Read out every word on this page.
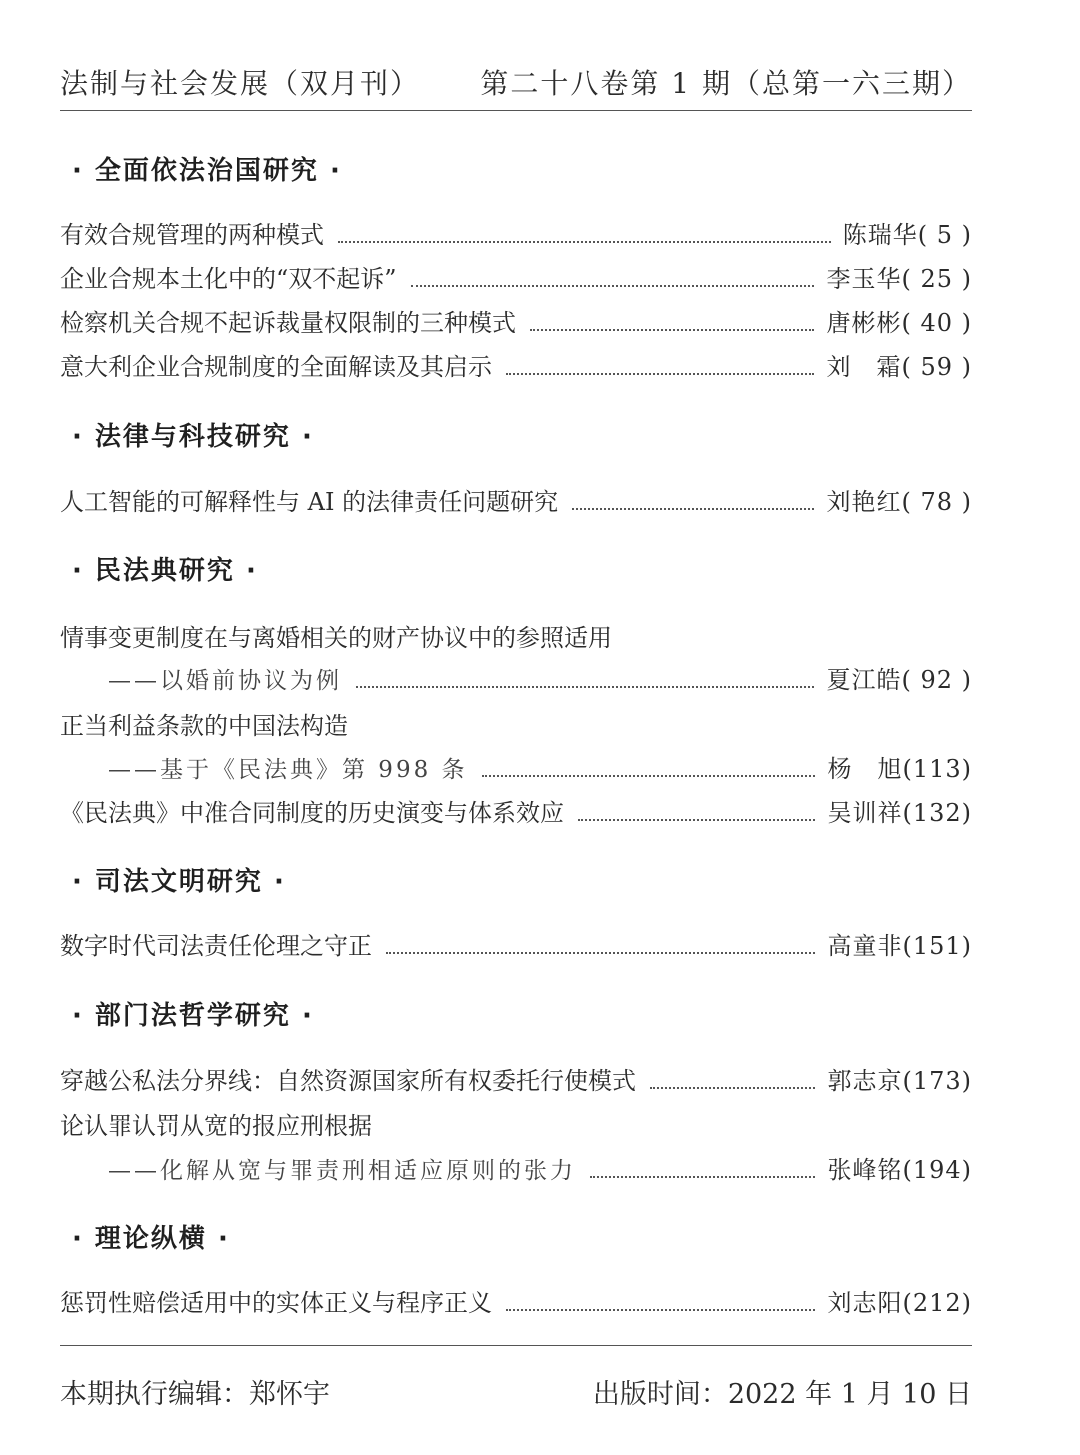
法制与社会发展（双月刊） 第二十八卷第 1 期（总第一六三期）
· 全面依法治国研究 ·
有效合规管理的两种模式	陈瑞华 ( 5 )
企业合规本土化中的“双不起诉”	李玉华 ( 25 )
检察机关合规不起诉裁量权限制的三种模式	唐彬彬 ( 40 )
意大利企业合规制度的全面解读及其启示	刘　霜 ( 59 )
· 法律与科技研究 ·
人工智能的可解释性与 AI 的法律责任问题研究	刘艳红 ( 78 )
· 民法典研究 ·
情事变更制度在与离婚相关的财产协议中的参照适用
——以婚前协议为例	夏江皓 ( 92 )
正当利益条款的中国法构造
——基于《民法典》第 998 条	杨　旭 (113)
《民法典》中准合同制度的历史演变与体系效应	吴训祥 (132)
· 司法文明研究 ·
数字时代司法责任伦理之守正	高童非 (151)
· 部门法哲学研究 ·
穿越公私法分界线：自然资源国家所有权委托行使模式	郭志京 (173)
论认罪认罚从宽的报应刑根据
——化解从宽与罪责刑相适应原则的张力	张峰铭 (194)
· 理论纵横 ·
惩罚性赔偿适用中的实体正义与程序正义	刘志阳 (212)
本期执行编辑：郑怀宇	出版时间：2022 年 1 月 10 日
